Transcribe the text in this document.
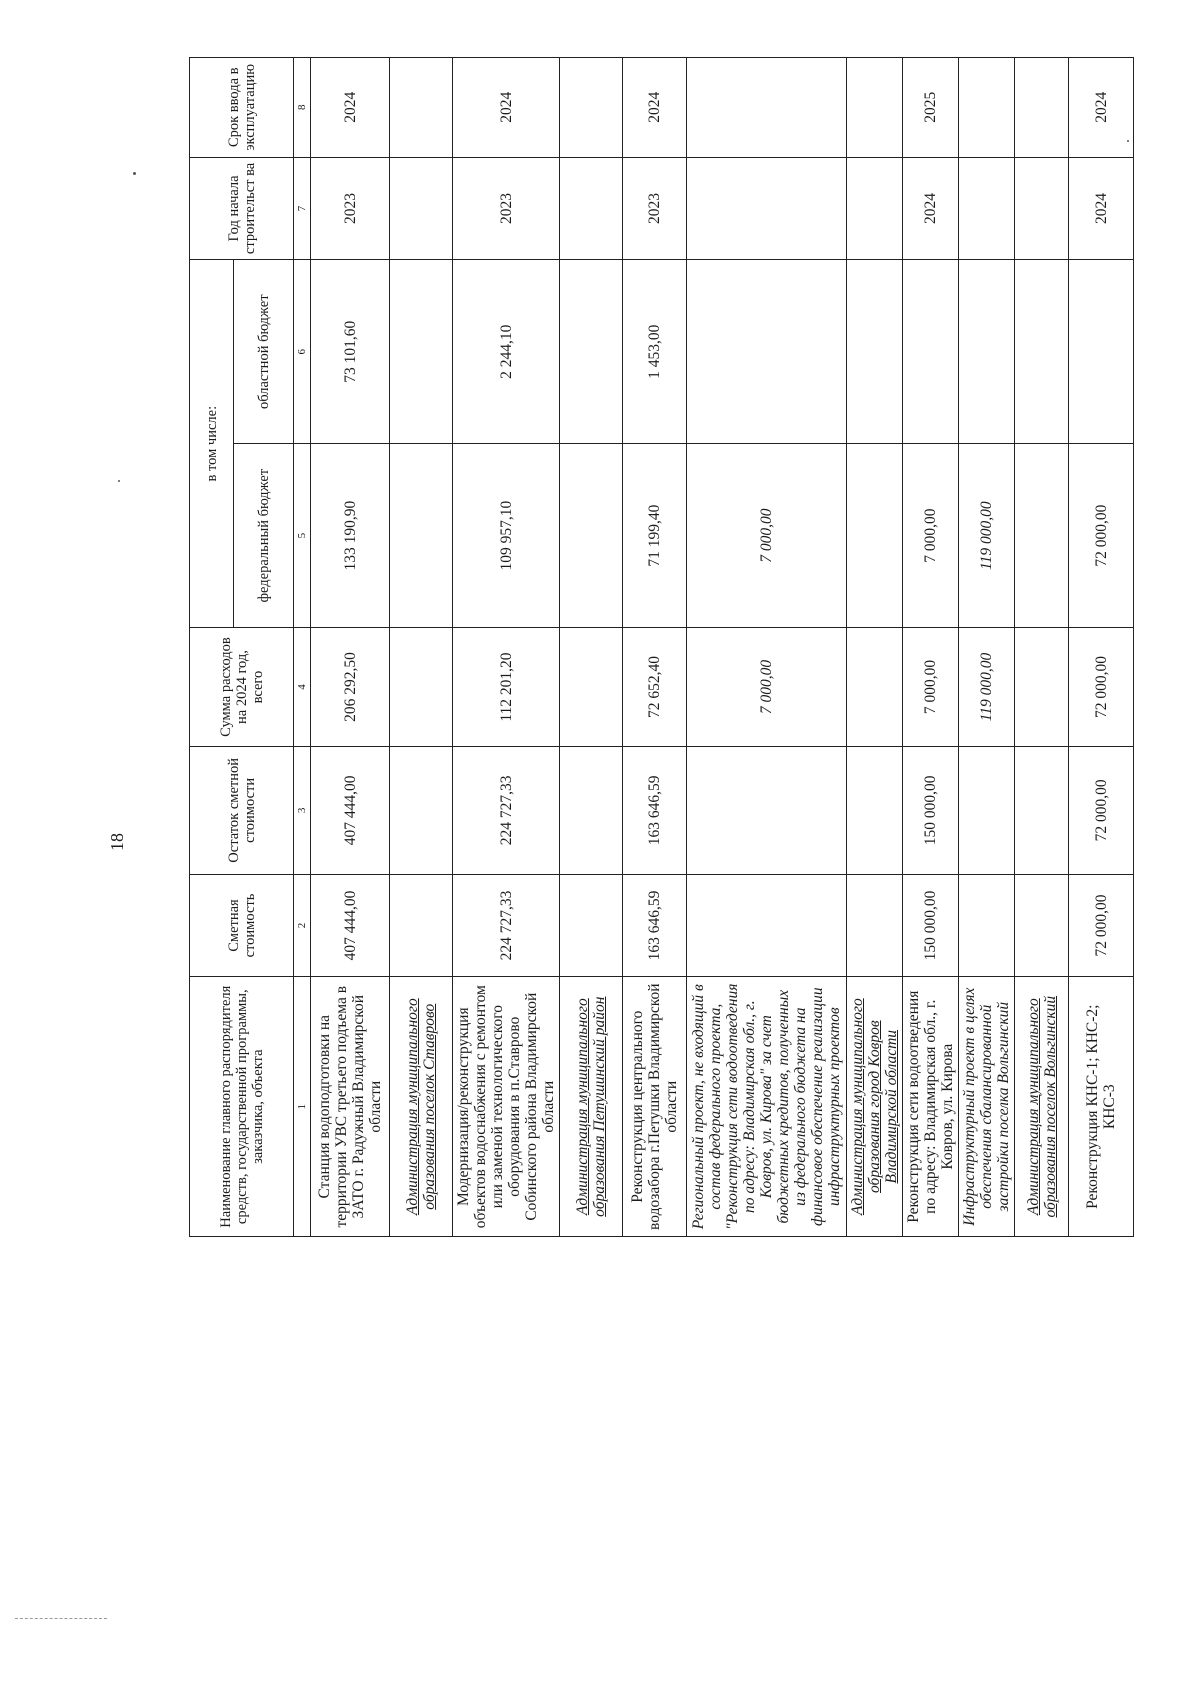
18
Наименование главного распорядителя средств, государственной программы, заказчика, объекта	Сметная стоимость	Остаток сметной стоимости	Сумма расходов на 2024 год, всего	в том числе:		Год начала строительст ва	Срок ввода в эксплуатацию
				федеральный бюджет	областной бюджет		
1	2	3	4	5	6	7	8
Станция водоподготовки на территории УВС третьего подъема в ЗАТО г. Радужный Владимирской области	407 444,00	407 444,00	206 292,50	133 190,90	73 101,60	2023	2024
Администрация муниципального образования поселок Ставрово							
Модернизация/реконструкция объектов водоснабжения с ремонтом или заменой технологического оборудования в п.Ставрово Собинского района Владимирской области	224 727,33	224 727,33	112 201,20	109 957,10	2 244,10	2023	2024
Администрация муниципального образования Петушинский район							
Реконструкция центрального водозабора г.Петушки Владимирской области	163 646,59	163 646,59	72 652,40	71 199,40	1 453,00	2023	2024
Региональный проект, не входящий в состав федерального проекта, "Реконструкция сети водоотведения по адресу: Владимирская обл., г. Ковров, ул. Кирова" за счет бюджетных кредитов, полученных из федерального бюджета на финансовое обеспечение реализации инфраструктурных проектов			7 000,00	7 000,00			
Администрация муниципального образования город Ковров Владимирской области							
Реконструкция сети водоотведения по адресу: Владимирская обл., г. Ковров, ул. Кирова	150 000,00	150 000,00	7 000,00	7 000,00		2024	2025
Инфраструктурный проект в целях обеспечения сбалансированной застройки поселка Вольгинский			119 000,00	119 000,00			
Администрация муниципального образования поселок Вольгинский							
Реконструкция КНС-1; КНС-2; КНС-3	72 000,00	72 000,00	72 000,00	72 000,00		2024	2024
